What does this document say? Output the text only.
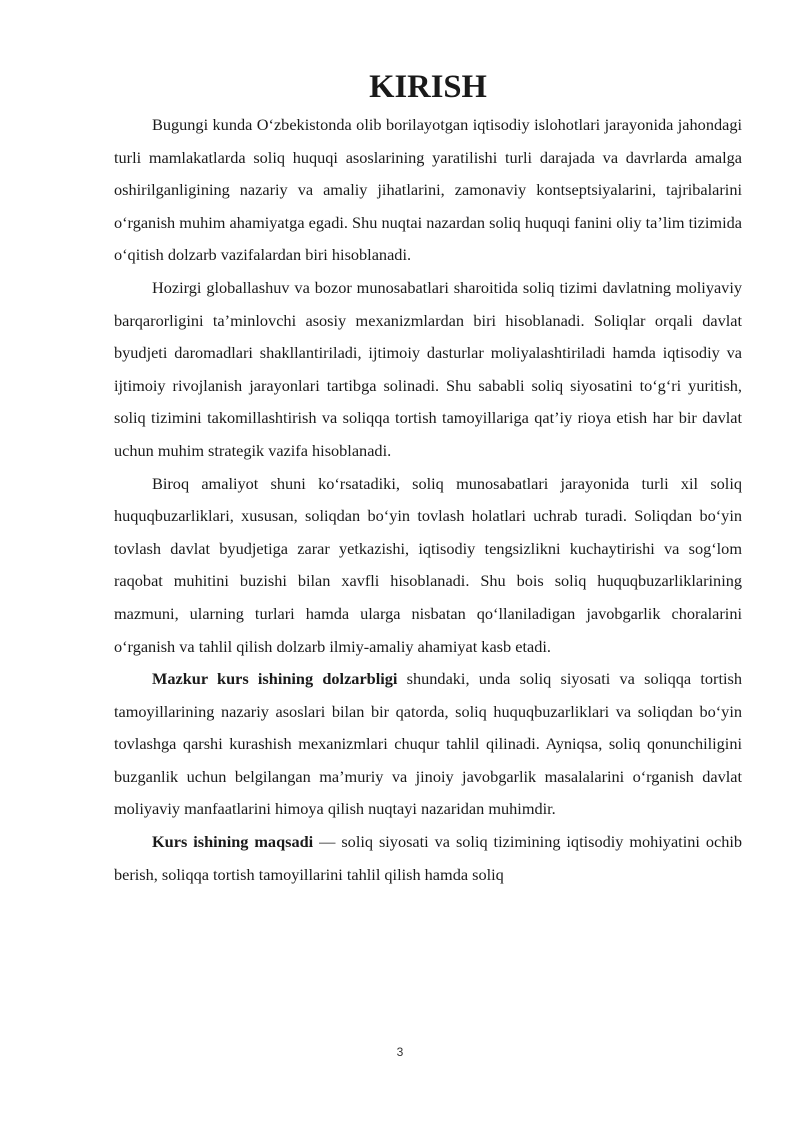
KIRISH

Bugungi kunda O‘zbekistonda olib borilayotgan iqtisodiy islohotlari jarayonida jahondagi turli mamlakatlarda soliq huquqi asoslarining yaratilishi turli darajada va davrlarda amalga oshirilganligining nazariy va amaliy jihatlarini, zamonaviy kontseptsiyalarini, tajribalarini o‘rganish muhim ahamiyatga egadi. Shu nuqtai nazardan soliq huquqi fanini oliy ta’lim tizimida o‘qitish dolzarb vazifalardan biri hisoblanadi.

Hozirgi globallashuv va bozor munosabatlari sharoitida soliq tizimi davlatning moliyaviy barqarorligini ta’minlovchi asosiy mexanizmlardan biri hisoblanadi. Soliqlar orqali davlat byudjeti daromadlari shakllantiriladi, ijtimoiy dasturlar moliyalashtiriladi hamda iqtisodiy va ijtimoiy rivojlanish jarayonlari tartibga solinadi. Shu sababli soliq siyosatini to‘g‘ri yuritish, soliq tizimini takomillashtirish va soliqqa tortish tamoyillariga qat’iy rioya etish har bir davlat uchun muhim strategik vazifa hisoblanadi.

Biroq amaliyot shuni ko‘rsatadiki, soliq munosabatlari jarayonida turli xil soliq huquqbuzarliklari, xususan, soliqdan bo‘yin tovlash holatlari uchrab turadi. Soliqdan bo‘yin tovlash davlat byudjetiga zarar yetkazishi, iqtisodiy tengsizlikni kuchaytirishi va sog‘lom raqobat muhitini buzishi bilan xavfli hisoblanadi. Shu bois soliq huquqbuzarliklarining mazmuni, ularning turlari hamda ularga nisbatan qo‘llaniladigan javobgarlik choralarini o‘rganish va tahlil qilish dolzarb ilmiy-amaliy ahamiyat kasb etadi.

Mazkur kurs ishining dolzarbligi shundaki, unda soliq siyosati va soliqqa tortish tamoyillarining nazariy asoslari bilan bir qatorda, soliq huquqbuzarliklari va soliqdan bo‘yin tovlashga qarshi kurashish mexanizmlari chuqur tahlil qilinadi. Ayniqsa, soliq qonunchiligini buzganlik uchun belgilangan ma’muriy va jinoiy javobgarlik masalalarini o‘rganish davlat moliyaviy manfaatlarini himoya qilish nuqtayi nazaridan muhimdir.

Kurs ishining maqsadi — soliq siyosati va soliq tizimining iqtisodiy mohiyatini ochib berish, soliqqa tortish tamoyillarini tahlil qilish hamda soliq

3
